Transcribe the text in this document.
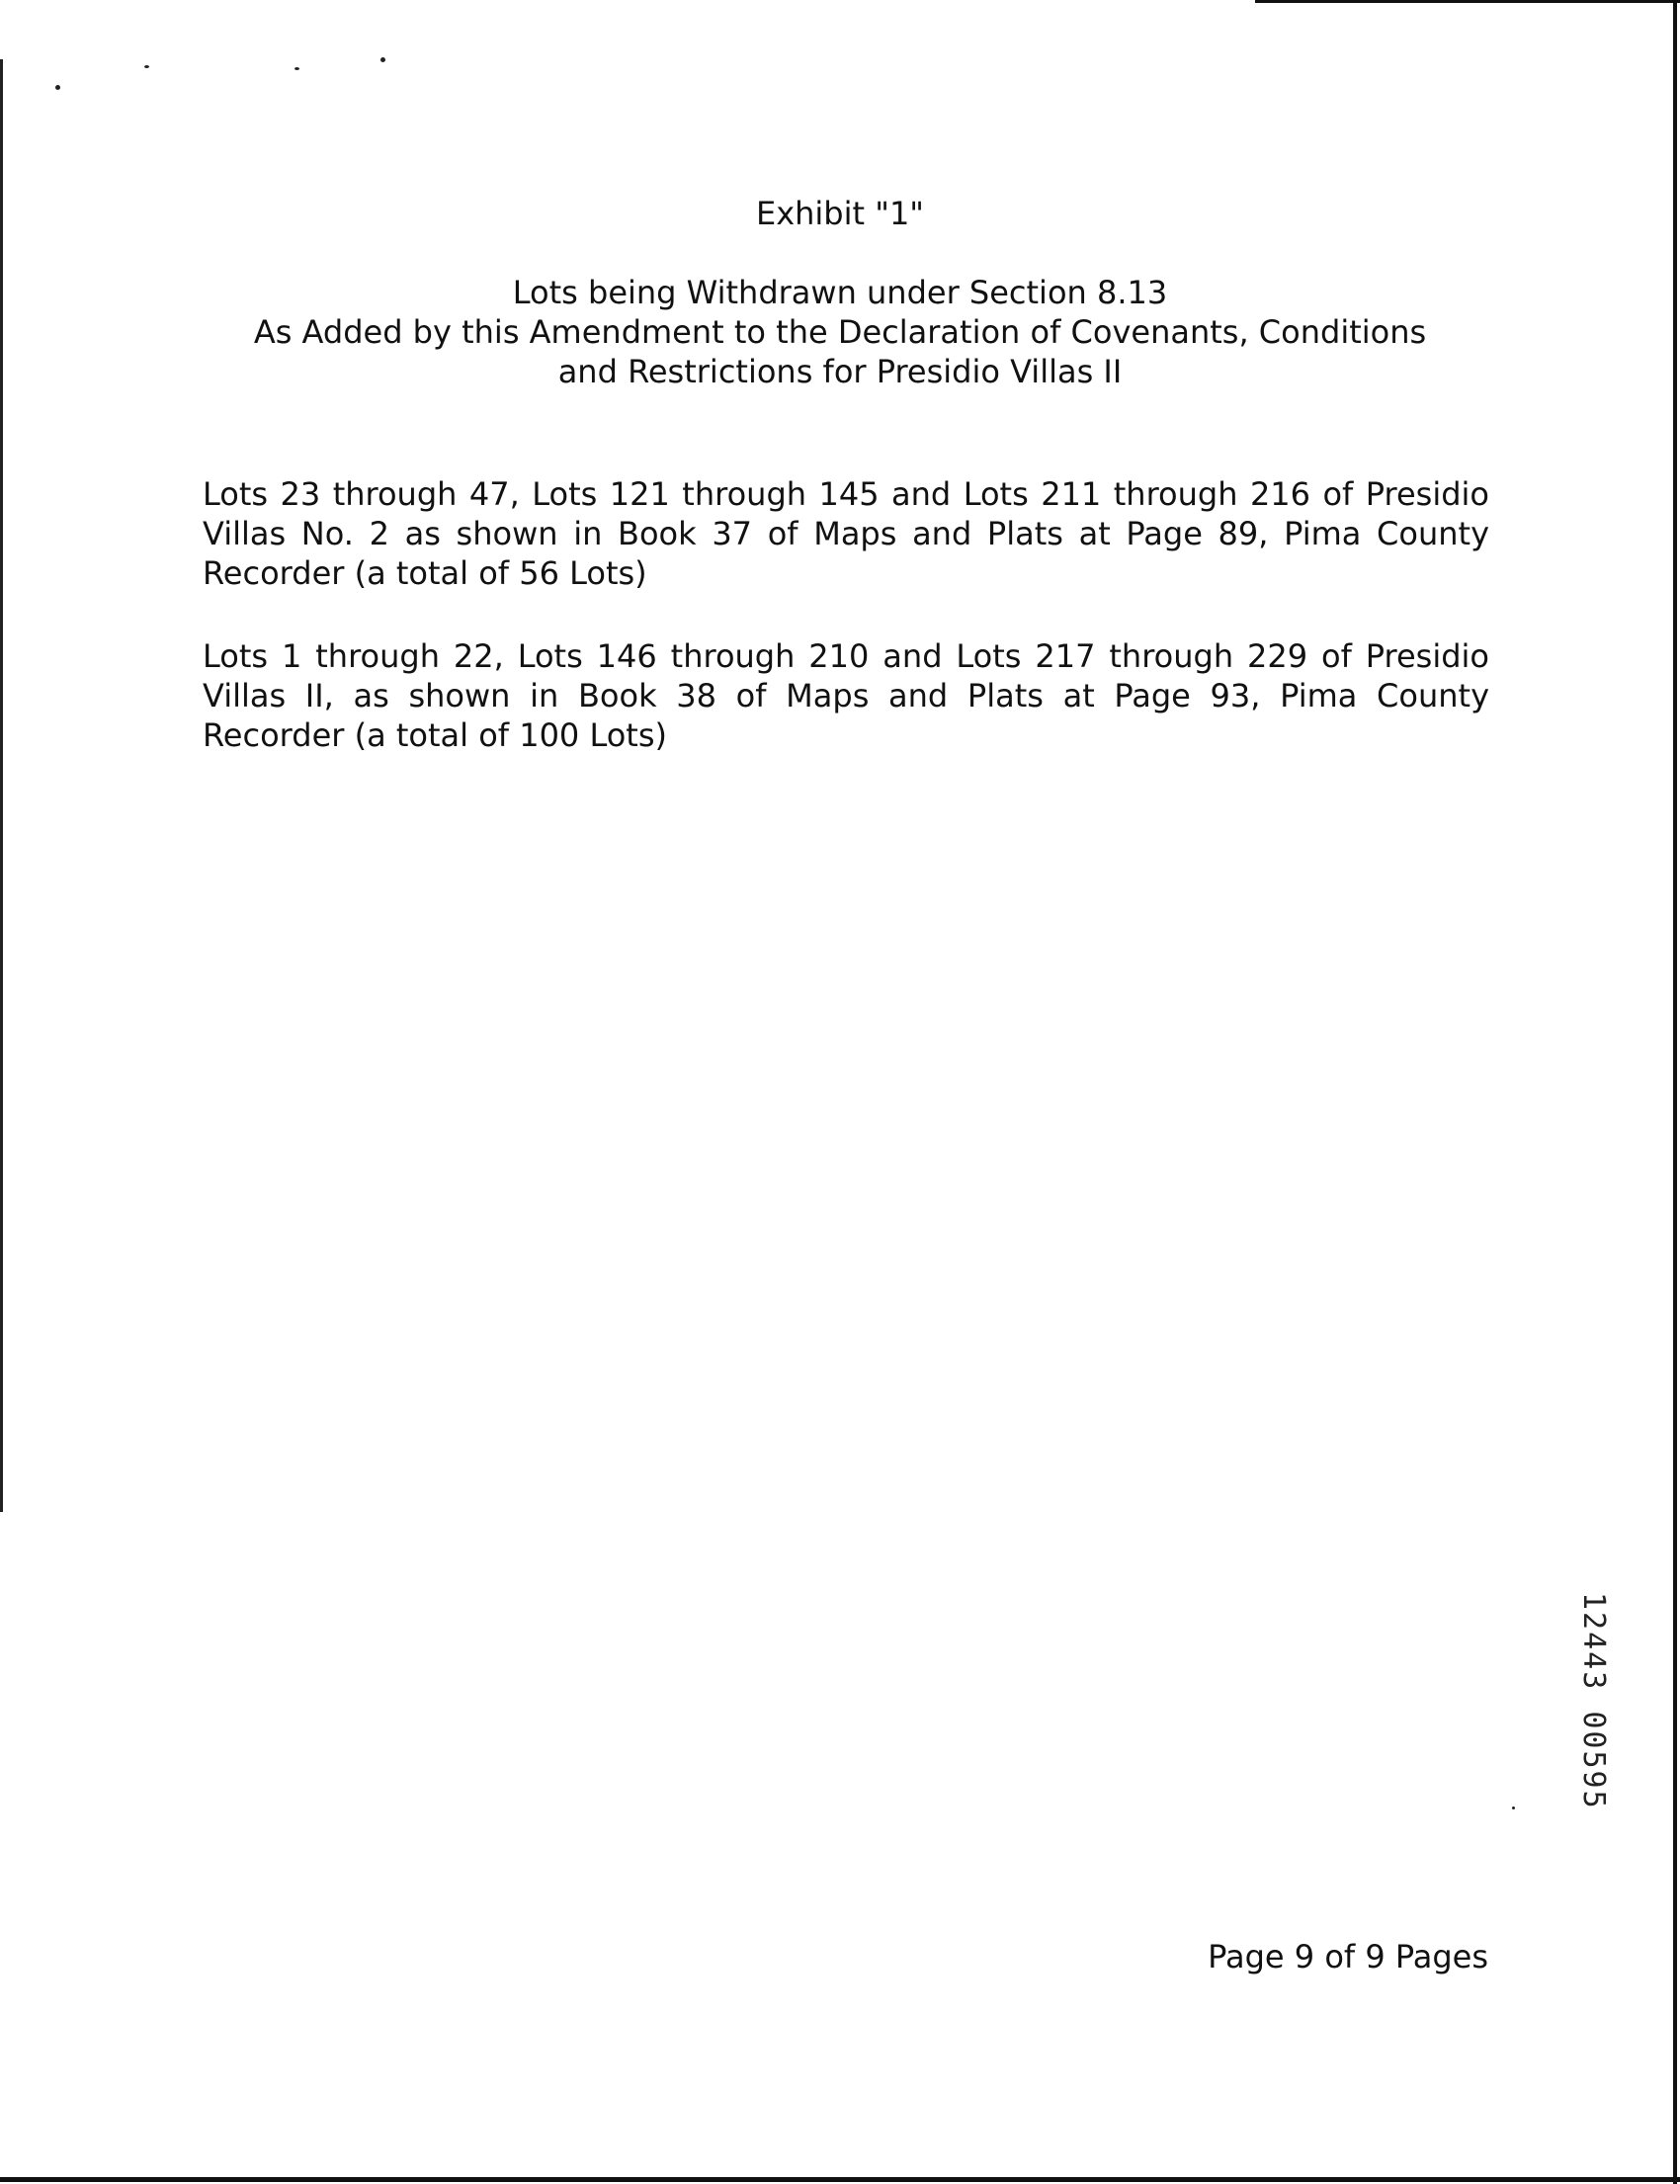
Exhibit "1"
Lots being Withdrawn under Section 8.13
As Added by this Amendment to the Declaration of Covenants, Conditions
and Restrictions for Presidio Villas II

Lots 23 through 47, Lots 121 through 145 and Lots 211 through 216 of Presidio Villas No. 2 as shown in Book 37 of Maps and Plats at Page 89, Pima County Recorder (a total of 56 Lots)

Lots 1 through 22, Lots 146 through 210 and Lots 217 through 229 of Presidio Villas II, as shown in Book 38 of Maps and Plats at Page 93, Pima County Recorder (a total of 100 Lots)

12443 00595
Page 9 of 9 Pages
